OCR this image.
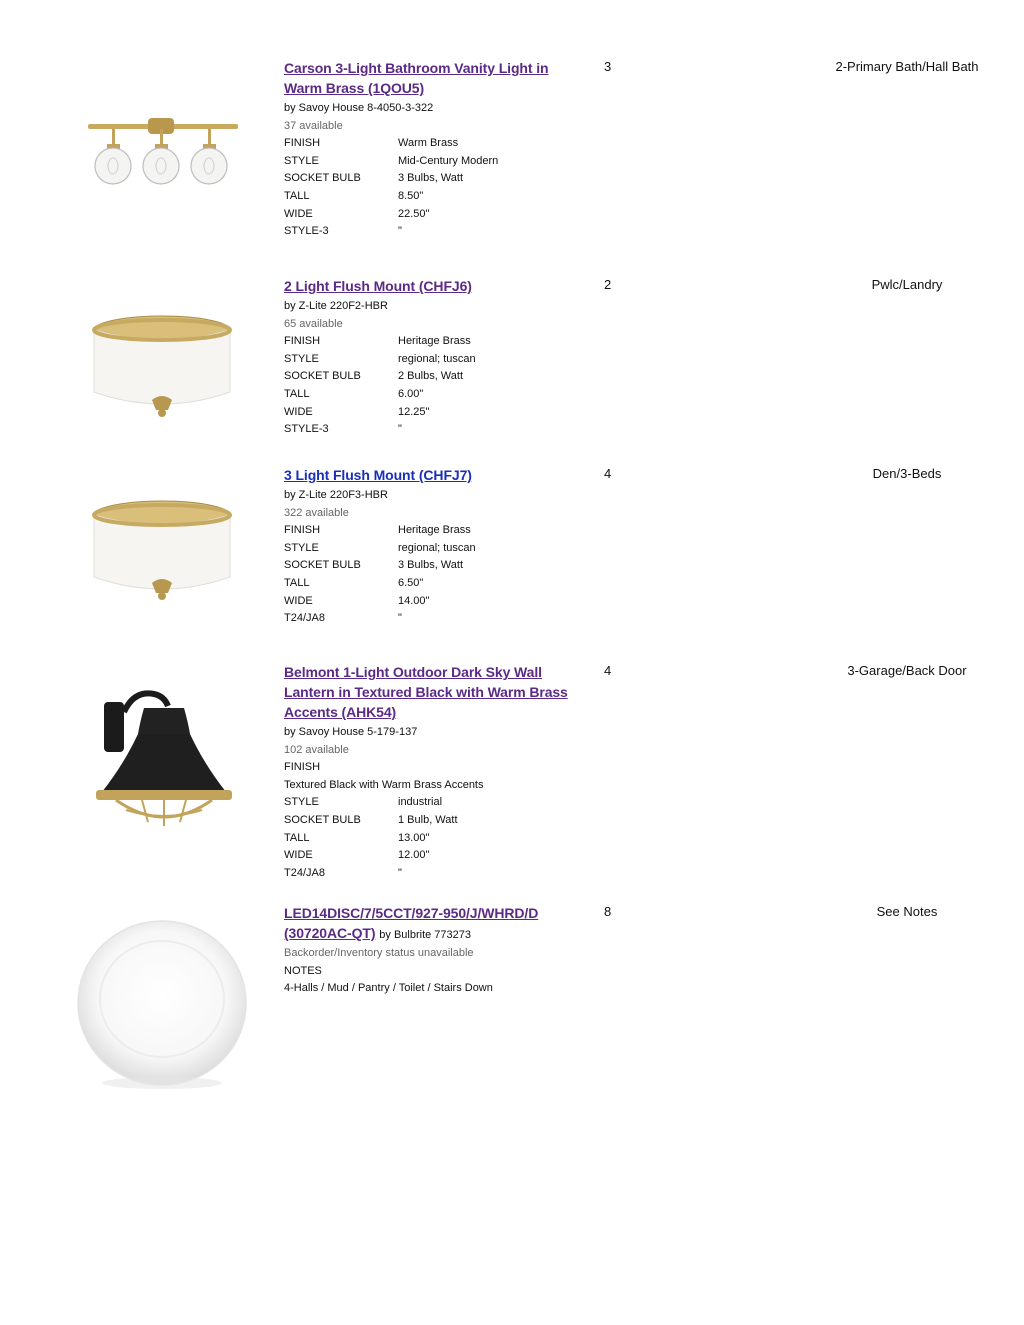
Carson 3-Light Bathroom Vanity Light in Warm Brass (1QOU5)
by Savoy House 8-4050-3-322
37 available
FINISH	Warm Brass
STYLE	Mid-Century Modern
SOCKET BULB	3 Bulbs, Watt
TALL	8.50"
WIDE	22.50"
STYLE-3	"
3	2-Primary Bath/Hall Bath
2 Light Flush Mount (CHFJ6)
by Z-Lite 220F2-HBR
65 available
FINISH	Heritage Brass
STYLE	regional; tuscan
SOCKET BULB	2 Bulbs, Watt
TALL	6.00"
WIDE	12.25"
STYLE-3	"
2	Pwlc/Landry
3 Light Flush Mount (CHFJ7)
by Z-Lite 220F3-HBR
322 available
FINISH	Heritage Brass
STYLE	regional; tuscan
SOCKET BULB	3 Bulbs, Watt
TALL	6.50"
WIDE	14.00"
T24/JA8	"
4	Den/3-Beds
Belmont 1-Light Outdoor Dark Sky Wall Lantern in Textured Black with Warm Brass Accents (AHK54)
by Savoy House 5-179-137
102 available
FINISH
Textured Black with Warm Brass Accents
STYLE	industrial
SOCKET BULB	1 Bulb, Watt
TALL	13.00"
WIDE	12.00"
T24/JA8	"
4	3-Garage/Back Door
LED14DISC/7/5CCT/927-950/J/WHRD/D (30720AC-QT) by Bulbrite 773273
Backorder/Inventory status unavailable
NOTES
4-Halls / Mud / Pantry / Toilet / Stairs Down
8	See Notes
